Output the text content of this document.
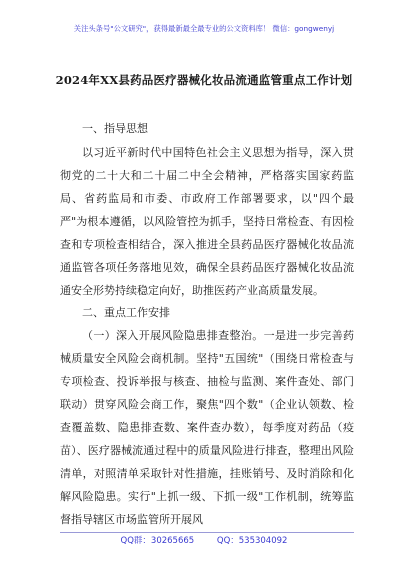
关注头条号"公文研究"，获得最新最全最专业的公文资料库！ 微信：gongwenyj
2024年XX县药品医疗器械化妆品流通监管重点工作计划

一、指导思想

以习近平新时代中国特色社会主义思想为指导，深入贯彻党的二十大和二十届二中全会精神，严格落实国家药监局、省药监局和市委、市政府工作部署要求，以"四个最严"为根本遵循，以风险管控为抓手，坚持日常检查、有因检查和专项检查相结合，深入推进全县药品医疗器械化妆品流通监管各项任务落地见效，确保全县药品医疗器械化妆品流通安全形势持续稳定向好，助推医药产业高质量发展。

二、重点工作安排

（一）深入开展风险隐患排查整治。一是进一步完善药械质量安全风险会商机制。坚持"五国统"（围绕日常检查与专项检查、投诉举报与核查、抽检与监测、案件查处、部门联动）贯穿风险会商工作，聚焦"四个数"（企业认领数、检查覆盖数、隐患排查数、案件查办数），每季度对药品（疫苗）、医疗器械流通过程中的质量风险进行排查，整理出风险清单，对照清单采取针对性措施，挂账销号、及时消除和化解风险隐患。实行"上抓一级、下抓一级"工作机制，统筹监督指导辖区市场监管所开展风

QQ群：30265665	QQ：535304092
